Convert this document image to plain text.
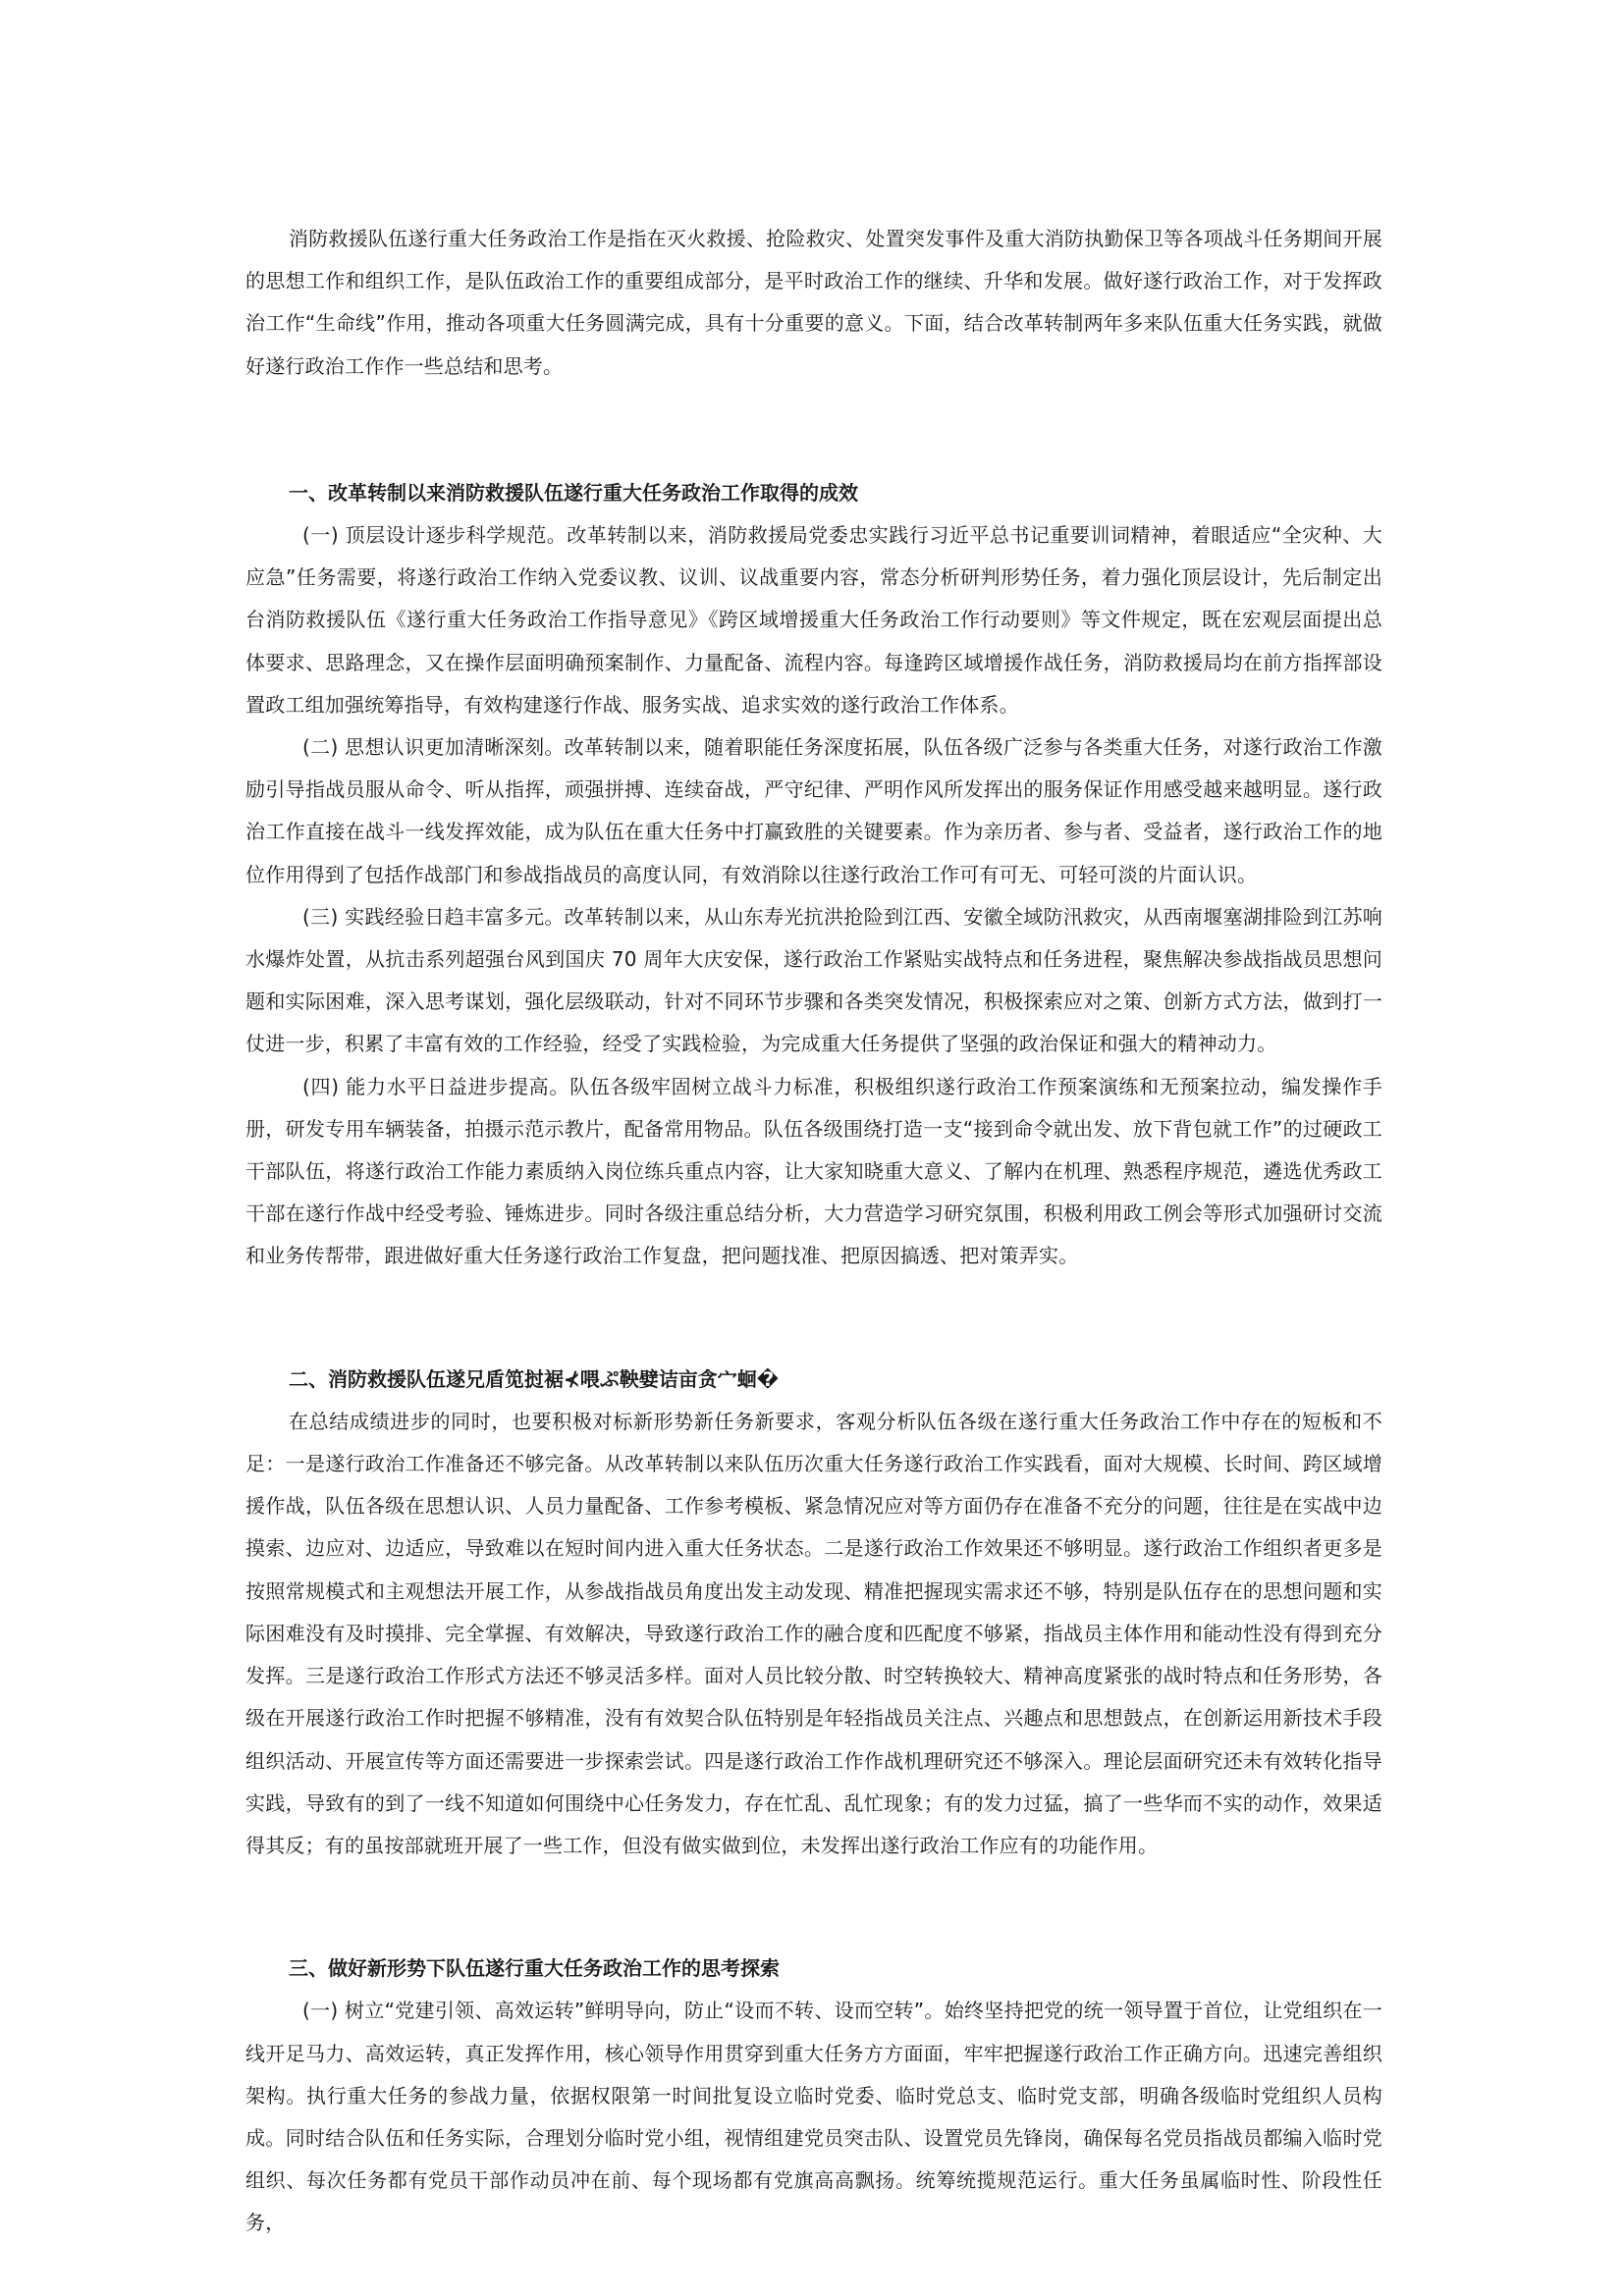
消防救援队伍遂行重大任务政治工作是指在灭火救援、抢险救灾、处置突发事件及重大消防执勤保卫等各项战斗任务期间开展的思想工作和组织工作，是队伍政治工作的重要组成部分，是平时政治工作的继续、升华和发展。做好遂行政治工作，对于发挥政治工作“生命线”作用，推动各项重大任务圆满完成，具有十分重要的意义。下面，结合改革转制两年多来队伍重大任务实践，就做好遂行政治工作作一些总结和思考。

一、改革转制以来消防救援队伍遂行重大任务政治工作取得的成效

(一) 顶层设计逐步科学规范。改革转制以来，消防救援局党委忠实践行习近平总书记重要训词精神，着眼适应“全灾种、大应急”任务需要，将遂行政治工作纳入党委议教、议训、议战重要内容，常态分析研判形势任务，着力强化顶层设计，先后制定出台消防救援队伍《遂行重大任务政治工作指导意见》《跨区域增援重大任务政治工作行动要则》等文件规定，既在宏观层面提出总体要求、思路理念，又在操作层面明确预案制作、力量配备、流程内容。每逢跨区域增援作战任务，消防救援局均在前方指挥部设置政工组加强统筹指导，有效构建遂行作战、服务实战、追求实效的遂行政治工作体系。

(二) 思想认识更加清晰深刻。改革转制以来，随着职能任务深度拓展，队伍各级广泛参与各类重大任务，对遂行政治工作激励引导指战员服从命令、听从指挥，顽强拼搏、连续奋战，严守纪律、严明作风所发挥出的服务保证作用感受越来越明显。遂行政治工作直接在战斗一线发挥效能，成为队伍在重大任务中打赢致胜的关键要素。作为亲历者、参与者、受益者，遂行政治工作的地位作用得到了包括作战部门和参战指战员的高度认同，有效消除以往遂行政治工作可有可无、可轻可淡的片面认识。

(三) 实践经验日趋丰富多元。改革转制以来，从山东寿光抗洪抢险到江西、安徽全域防汛救灾，从西南堰塞湖排险到江苏响水爆炸处置，从抗击系列超强台风到国庆 70 周年大庆安保，遂行政治工作紧贴实战特点和任务进程，聚焦解决参战指战员思想问题和实际困难，深入思考谋划，强化层级联动，针对不同环节步骤和各类突发情况，积极探索应对之策、创新方式方法，做到打一仗进一步，积累了丰富有效的工作经验，经受了实践检验，为完成重大任务提供了坚强的政治保证和强大的精神动力。

(四) 能力水平日益进步提高。队伍各级牢固树立战斗力标准，积极组织遂行政治工作预案演练和无预案拉动，编发操作手册，研发专用车辆装备，拍摄示范示教片，配备常用物品。队伍各级围绕打造一支“接到命令就出发、放下背包就工作”的过硬政工干部队伍，将遂行政治工作能力素质纳入岗位练兵重点内容，让大家知晓重大意义、了解内在机理、熟悉程序规范，遴选优秀政工干部在遂行作战中经受考验、锤炼进步。同时各级注重总结分析，大力营造学习研究氛围，积极利用政工例会等形式加强研讨交流和业务传帮带，跟进做好重大任务遂行政治工作复盘，把问题找准、把原因搞透、把对策弄实。

二、消防救援队伍遂兄盾笕挝裾⊀喂ぷ鞅嬖诘亩贪宀蛔�

在总结成绩进步的同时，也要积极对标新形势新任务新要求，客观分析队伍各级在遂行重大任务政治工作中存在的短板和不足：一是遂行政治工作准备还不够完备。从改革转制以来队伍历次重大任务遂行政治工作实践看，面对大规模、长时间、跨区域增援作战，队伍各级在思想认识、人员力量配备、工作参考模板、紧急情况应对等方面仍存在准备不充分的问题，往往是在实战中边摸索、边应对、边适应，导致难以在短时间内进入重大任务状态。二是遂行政治工作效果还不够明显。遂行政治工作组织者更多是按照常规模式和主观想法开展工作，从参战指战员角度出发主动发现、精准把握现实需求还不够，特别是队伍存在的思想问题和实际困难没有及时摸排、完全掌握、有效解决，导致遂行政治工作的融合度和匹配度不够紧，指战员主体作用和能动性没有得到充分发挥。三是遂行政治工作形式方法还不够灵活多样。面对人员比较分散、时空转换较大、精神高度紧张的战时特点和任务形势，各级在开展遂行政治工作时把握不够精准，没有有效契合队伍特别是年轻指战员关注点、兴趣点和思想鼓点，在创新运用新技术手段组织活动、开展宣传等方面还需要进一步探索尝试。四是遂行政治工作作战机理研究还不够深入。理论层面研究还未有效转化指导实践，导致有的到了一线不知道如何围绕中心任务发力，存在忙乱、乱忙现象；有的发力过猛，搞了一些华而不实的动作，效果适得其反；有的虽按部就班开展了一些工作，但没有做实做到位，未发挥出遂行政治工作应有的功能作用。

三、做好新形势下队伍遂行重大任务政治工作的思考探索

(一) 树立“党建引领、高效运转”鲜明导向，防止“设而不转、设而空转”。始终坚持把党的统一领导置于首位，让党组织在一线开足马力、高效运转，真正发挥作用，核心领导作用贯穿到重大任务方方面面，牢牢把握遂行政治工作正确方向。迅速完善组织架构。执行重大任务的参战力量，依据权限第一时间批复设立临时党委、临时党总支、临时党支部，明确各级临时党组织人员构成。同时结合队伍和任务实际，合理划分临时党小组，视情组建党员突击队、设置党员先锋岗，确保每名党员指战员都编入临时党组织、每次任务都有党员干部作动员冲在前、每个现场都有党旗高高飘扬。统筹统揽规范运行。重大任务虽属临时性、阶段性任务，
